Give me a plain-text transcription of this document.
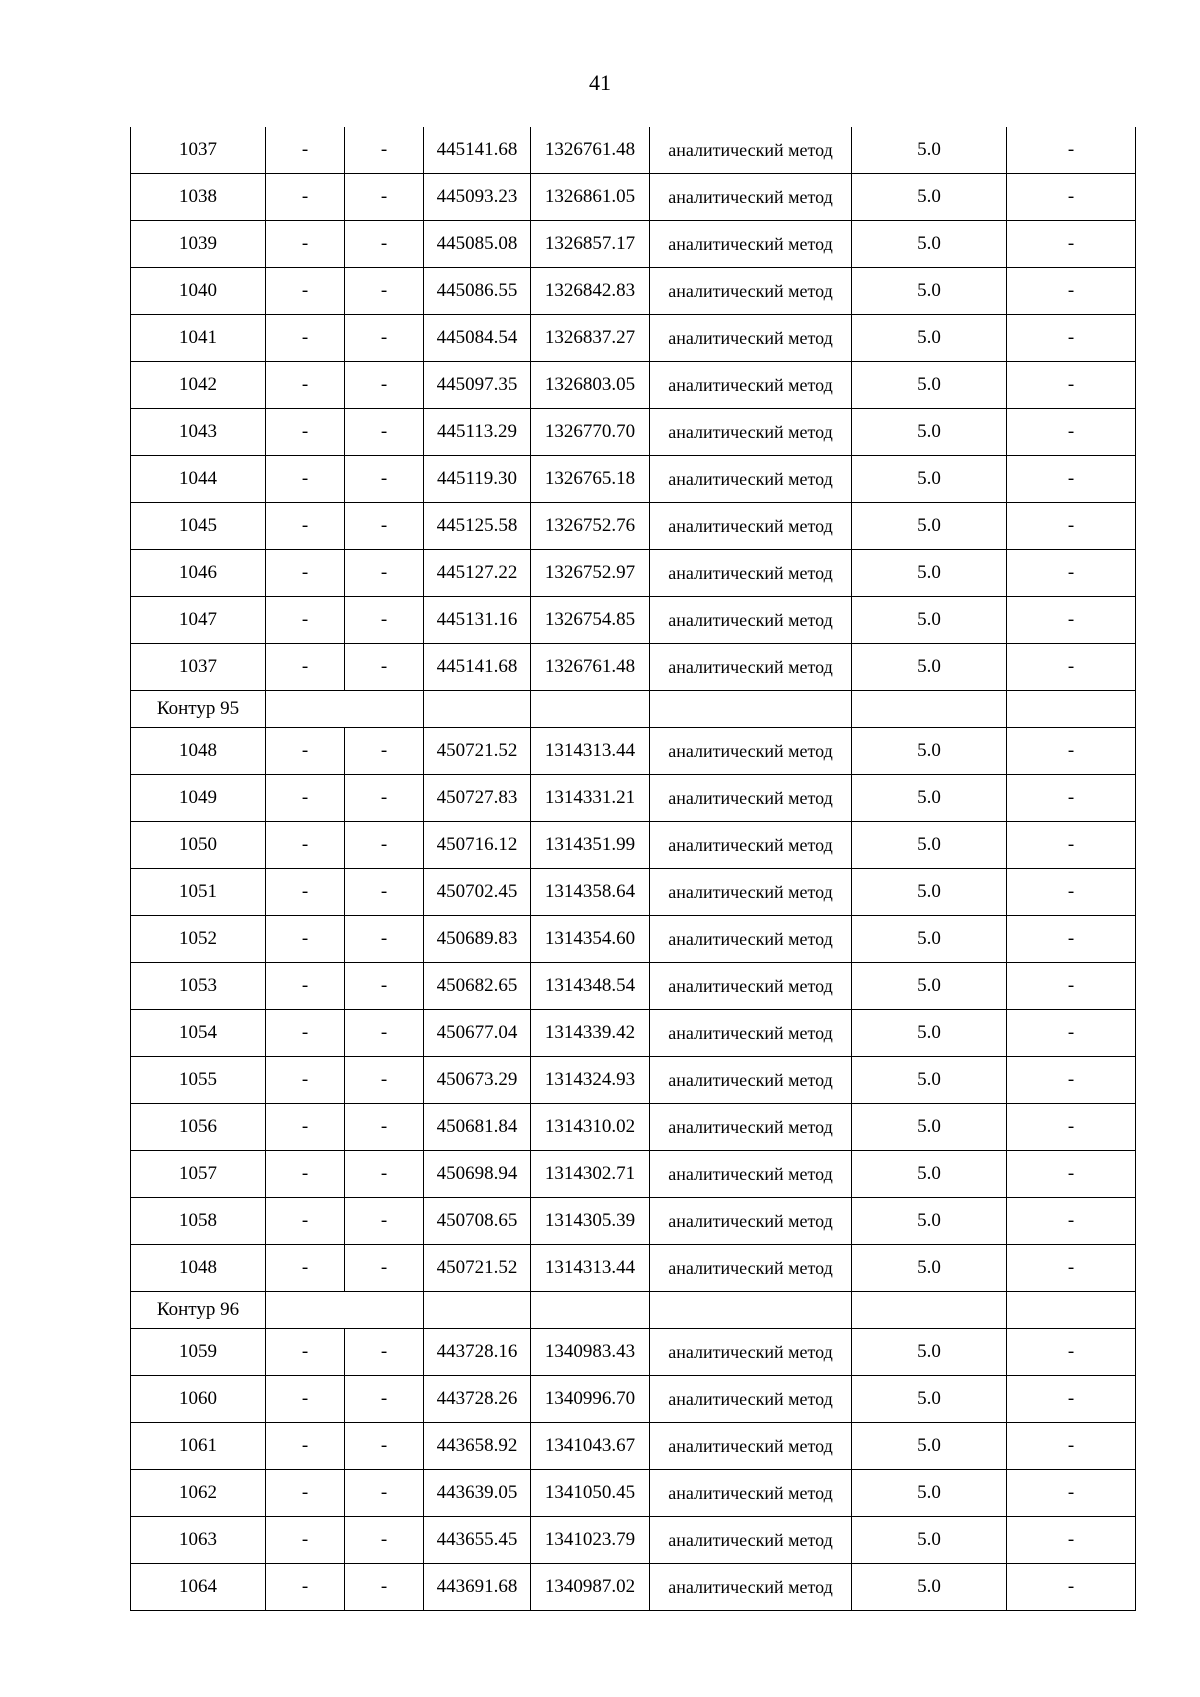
41
1037	-	-	445141.68	1326761.48	аналитический метод	5.0	-
1038	-	-	445093.23	1326861.05	аналитический метод	5.0	-
1039	-	-	445085.08	1326857.17	аналитический метод	5.0	-
1040	-	-	445086.55	1326842.83	аналитический метод	5.0	-
1041	-	-	445084.54	1326837.27	аналитический метод	5.0	-
1042	-	-	445097.35	1326803.05	аналитический метод	5.0	-
1043	-	-	445113.29	1326770.70	аналитический метод	5.0	-
1044	-	-	445119.30	1326765.18	аналитический метод	5.0	-
1045	-	-	445125.58	1326752.76	аналитический метод	5.0	-
1046	-	-	445127.22	1326752.97	аналитический метод	5.0	-
1047	-	-	445131.16	1326754.85	аналитический метод	5.0	-
1037	-	-	445141.68	1326761.48	аналитический метод	5.0	-
Контур 95							
1048	-	-	450721.52	1314313.44	аналитический метод	5.0	-
1049	-	-	450727.83	1314331.21	аналитический метод	5.0	-
1050	-	-	450716.12	1314351.99	аналитический метод	5.0	-
1051	-	-	450702.45	1314358.64	аналитический метод	5.0	-
1052	-	-	450689.83	1314354.60	аналитический метод	5.0	-
1053	-	-	450682.65	1314348.54	аналитический метод	5.0	-
1054	-	-	450677.04	1314339.42	аналитический метод	5.0	-
1055	-	-	450673.29	1314324.93	аналитический метод	5.0	-
1056	-	-	450681.84	1314310.02	аналитический метод	5.0	-
1057	-	-	450698.94	1314302.71	аналитический метод	5.0	-
1058	-	-	450708.65	1314305.39	аналитический метод	5.0	-
1048	-	-	450721.52	1314313.44	аналитический метод	5.0	-
Контур 96							
1059	-	-	443728.16	1340983.43	аналитический метод	5.0	-
1060	-	-	443728.26	1340996.70	аналитический метод	5.0	-
1061	-	-	443658.92	1341043.67	аналитический метод	5.0	-
1062	-	-	443639.05	1341050.45	аналитический метод	5.0	-
1063	-	-	443655.45	1341023.79	аналитический метод	5.0	-
1064	-	-	443691.68	1340987.02	аналитический метод	5.0	-
